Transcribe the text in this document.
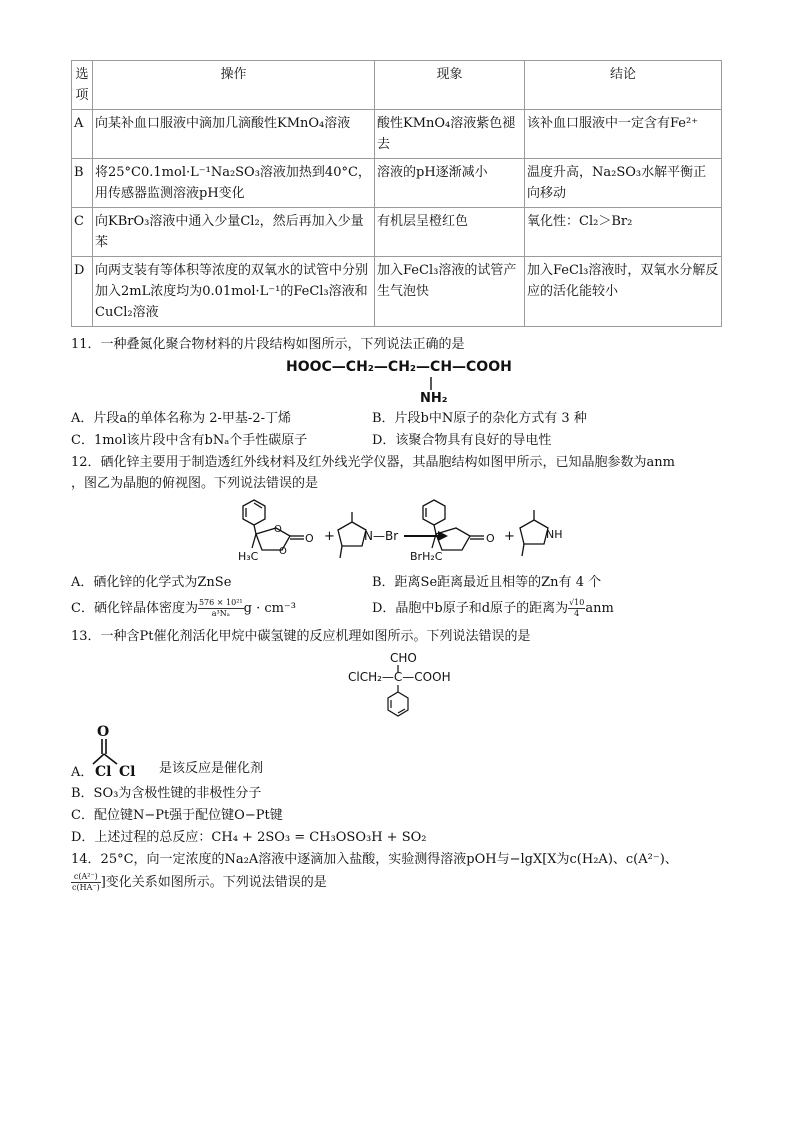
选项	操作	现象	结论
A	向某补血口服液中滴加几滴酸性KMnO₄溶液	酸性KMnO₄溶液紫色褪去	该补血口服液中一定含有Fe²⁺
B	将25°C0.1mol·L⁻¹Na₂SO₃溶液加热到40°C，用传感器监测溶液pH变化	溶液的pH逐渐减小	温度升高，Na₂SO₃水解平衡正向移动
C	向KBrO₃溶液中通入少量Cl₂，然后再加入少量苯	有机层呈橙红色	氧化性：Cl₂＞Br₂
D	向两支装有等体积等浓度的双氧水的试管中分别加入2mL浓度均为0.01mol·L⁻¹的FeCl₃溶液和CuCl₂溶液	加入FeCl₃溶液的试管产生气泡快	加入FeCl₃溶液时，双氧水分解反应的活化能较小
11．一种叠氮化聚合物材料的片段结构如图所示，下列说法正确的是
HOOC—CH₂—CH₂—CH—COOH
NH₂
A．片段a的单体名称为 2-甲基-2-丁烯	B．片段b中N原子的杂化方式有 3 种
C．1mol该片段中含有bNₐ个手性碳原子	D．该聚合物具有良好的导电性
12．硒化锌主要用于制造透红外线材料及红外线光学仪器，其晶胞结构如图甲所示，已知晶胞参数为anm
，图乙为晶胞的俯视图。下列说法错误的是
O
O
O
H₃C
+ N—Br	O
BrH₂C
+	NH
A．硒化锌的化学式为ZnSe	B．距离Se距离最近且相等的Zn有 4 个
C．硒化锌晶体密度为 $\frac{\text{576 × 10²¹}}{\text{a³Nₐ}}$ g · cm⁻³	D．晶胞中b原子和d原子的距离为 $\frac{√10}{4}$ anm
13．一种含Pt催化剂活化甲烷中碳氢键的反应机理如图所示。下列说法错误的是
CHO
ClCH₂—C—COOH
O
Cl Cl
A．	是该反应是催化剂
B．SO₃为含极性键的非极性分子
C．配位键N−Pt强于配位键O−Pt键
D．上述过程的总反应：CH₄ + 2SO₃ = CH₃OSO₃H + SO₂
14．25°C，向一定浓度的Na₂A溶液中逐滴加入盐酸，实验测得溶液pOH与−lgX[X为c(H₂A)、c(A²⁻)、
$\frac{\text{c(A²⁻)}}{c(HA^-)}$ ]变化关系如图所示。下列说法错误的是
